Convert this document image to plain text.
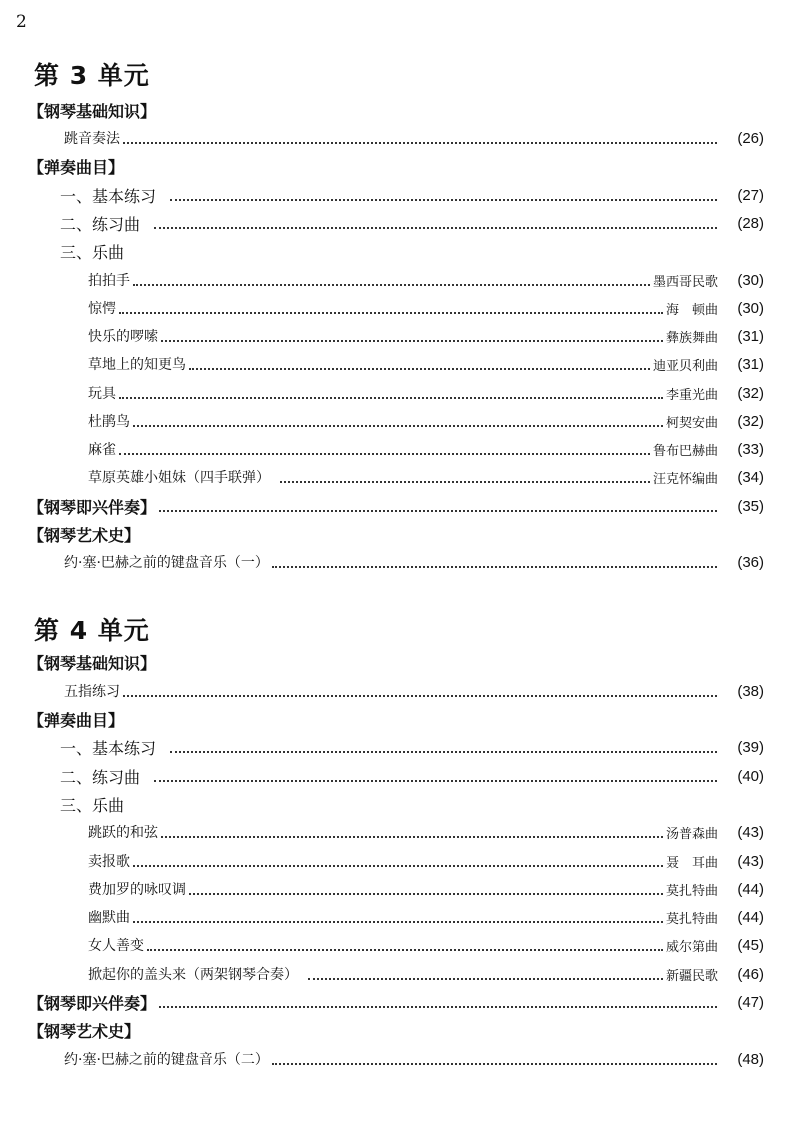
2
第 3 单元
【 钢琴基础知识 】
跳音奏法	( 26 )
【 弹奏曲目 】
一、基本练习	( 27 )
二、练习曲	( 28 )
三、乐曲
拍拍手	墨西哥民歌	( 30 )
惊愕	海　顿曲	( 30 )
快乐的啰嗦	彝族舞曲	( 31 )
草地上的知更鸟	迪亚贝利曲	( 31 )
玩具	李重光曲	( 32 )
杜鹃鸟	柯契安曲	( 32 )
麻雀	鲁布巴赫曲	( 33 )
草原英雄小姐妹（四手联弹）	汪克怀编曲	( 34 )
【 钢琴即兴伴奏 】	( 35 )
【 钢琴艺术史 】
约·塞·巴赫之前的键盘音乐（一）	( 36 )
第 4 单元
【 钢琴基础知识 】
五指练习	( 38 )
【 弹奏曲目 】
一、基本练习	( 39 )
二、练习曲	( 40 )
三、乐曲
跳跃的和弦	汤普森曲	( 43 )
卖报歌	聂　耳曲	( 43 )
费加罗的咏叹调	莫扎特曲	( 44 )
幽默曲	莫扎特曲	( 44 )
女人善变	威尔第曲	( 45 )
掀起你的盖头来（两架钢琴合奏）	新疆民歌	( 46 )
【 钢琴即兴伴奏 】	( 47 )
【 钢琴艺术史 】
约·塞·巴赫之前的键盘音乐（二）	( 48 )
